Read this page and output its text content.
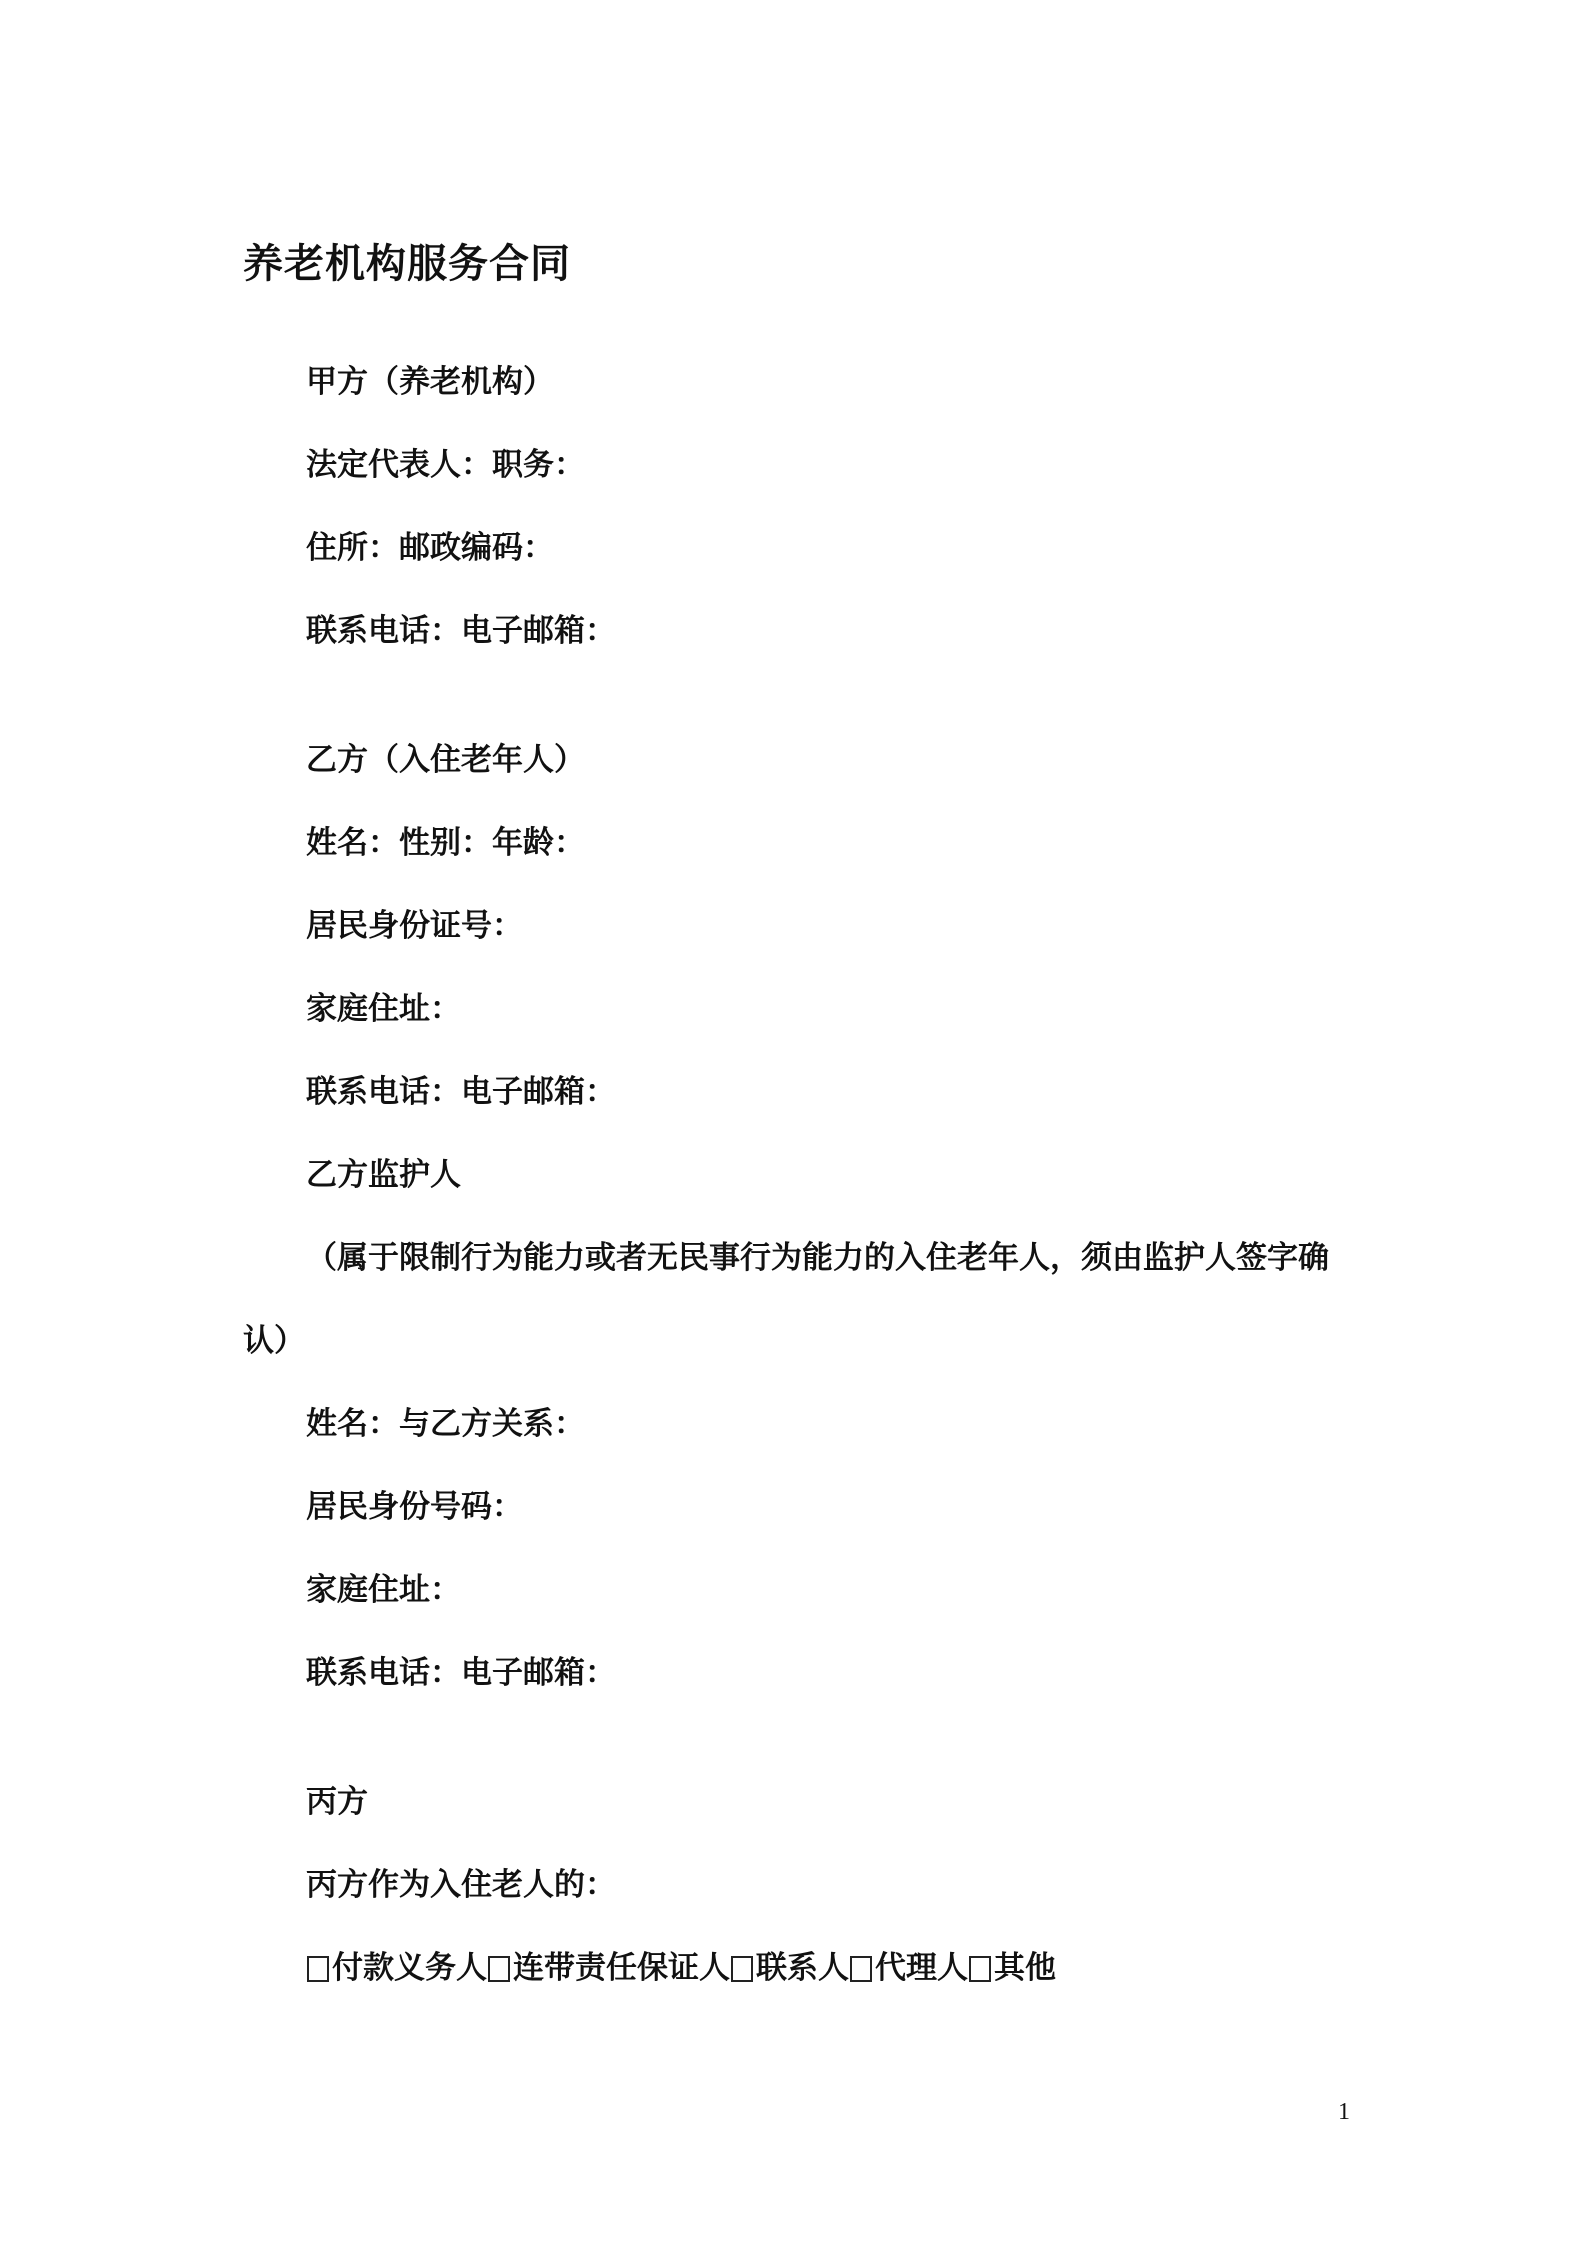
养老机构服务合同
甲方（养老机构）
法定代表人：职务：
住所：邮政编码：
联系电话：电子邮箱：
乙方（入住老年人）
姓名：性别：年龄：
居民身份证号：
家庭住址：
联系电话：电子邮箱：
乙方监护人
（属于限制行为能力或者无民事行为能力的入住老年人，须由监护人签字确
认）
姓名：与乙方关系：
居民身份号码：
家庭住址：
联系电话：电子邮箱：
丙方
丙方作为入住老人的：
付款义务人 连带责任保证人 联系人 代理人 其他
1
